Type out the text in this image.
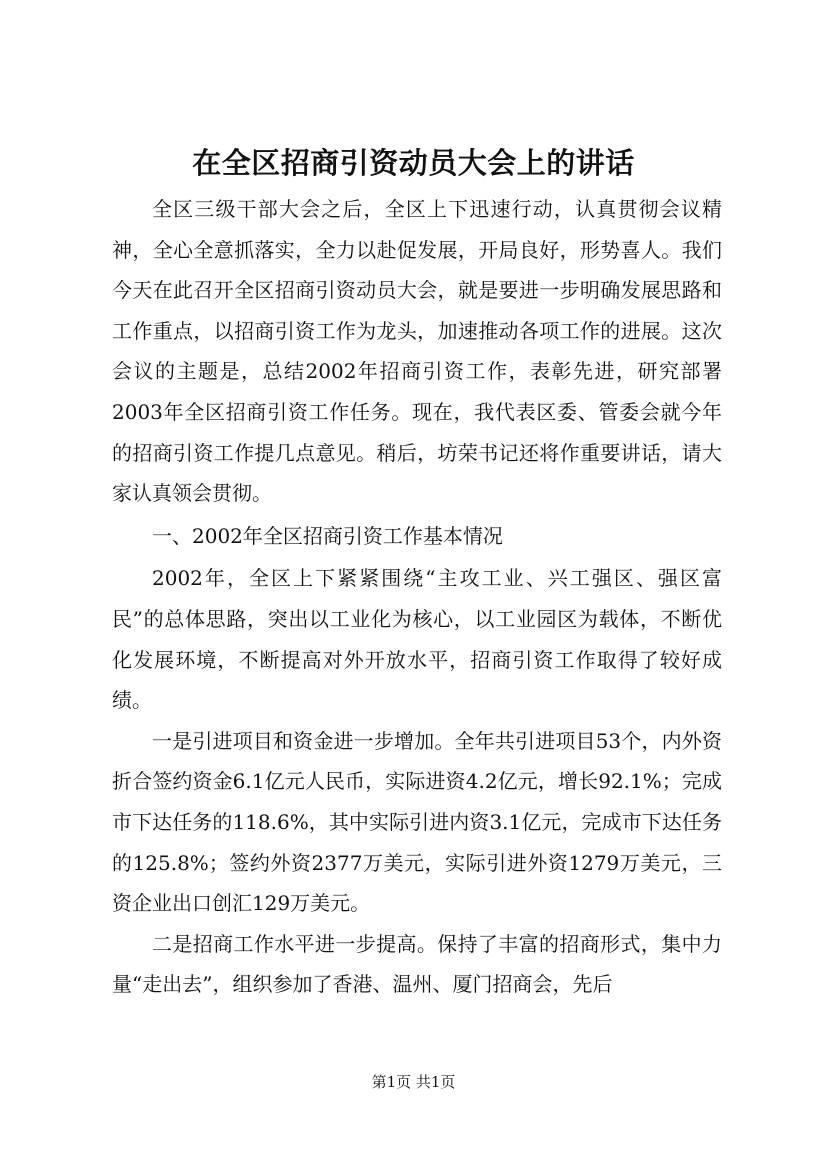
在全区招商引资动员大会上的讲话

全区三级干部大会之后，全区上下迅速行动，认真贯彻会议精神，全心全意抓落实，全力以赴促发展，开局良好，形势喜人。我们今天在此召开全区招商引资动员大会，就是要进一步明确发展思路和工作重点，以招商引资工作为龙头，加速推动各项工作的进展。这次会议的主题是，总结2002年招商引资工作，表彰先进，研究部署2003年全区招商引资工作任务。现在，我代表区委、管委会就今年的招商引资工作提几点意见。稍后，坊荣书记还将作重要讲话，请大家认真领会贯彻。

一、2002年全区招商引资工作基本情况

2002年，全区上下紧紧围绕“主攻工业、兴工强区、强区富民”的总体思路，突出以工业化为核心，以工业园区为载体，不断优化发展环境，不断提高对外开放水平，招商引资工作取得了较好成绩。

一是引进项目和资金进一步增加。全年共引进项目53个，内外资折合签约资金6.1亿元人民币，实际进资4.2亿元，增长92.1%；完成市下达任务的118.6%，其中实际引进内资3.1亿元，完成市下达任务的125.8%；签约外资2377万美元，实际引进外资1279万美元，三资企业出口创汇129万美元。

二是招商工作水平进一步提高。保持了丰富的招商形式，集中力量“走出去”，组织参加了香港、温州、厦门招商会，先后

第1页 共1页
